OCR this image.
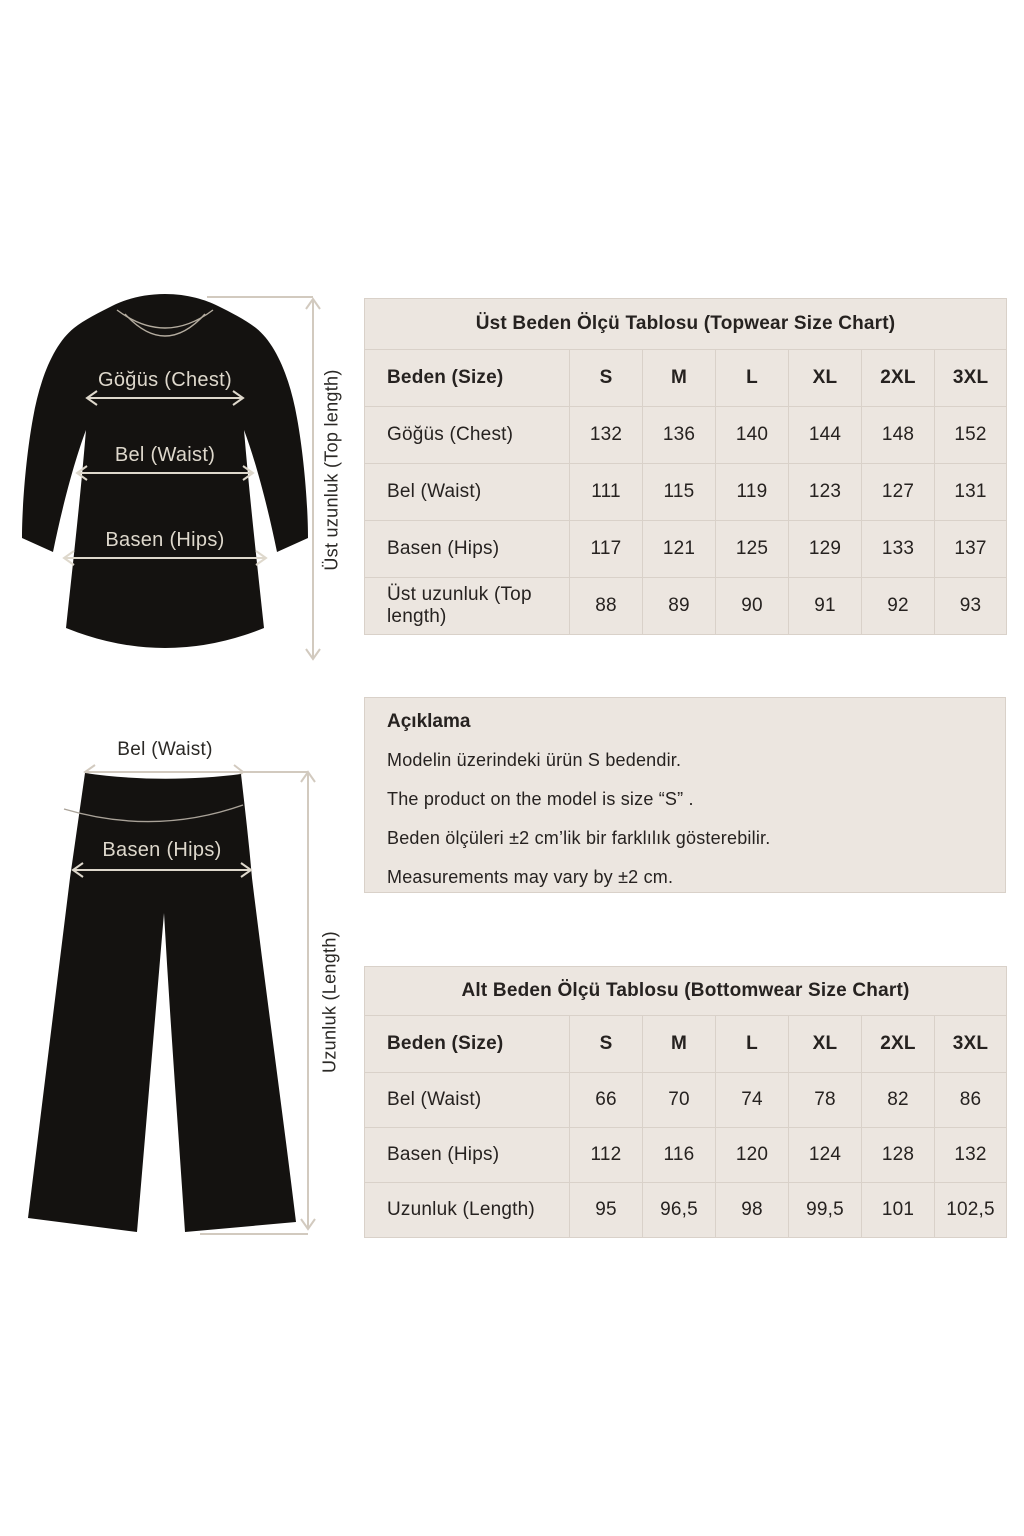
Göğüs (Chest)
Bel (Waist)
Basen (Hips)	Üst uzunluk (Top length)
Bel (Waist)
Basen (Hips)
Uzunluk (Length)
Üst Beden Ölçü Tablosu (Topwear Size Chart)						
Beden (Size)	S	M	L	XL	2XL	3XL
Göğüs (Chest)	132	136	140	144	148	152
Bel (Waist)	111	115	119	123	127	131
Basen (Hips)	117	121	125	129	133	137
Üst uzunluk (Top length)	88	89	90	91	92	93
Açıklama

Modelin üzerindeki ürün S bedendir.

The product on the model is size “S” .

Beden ölçüleri ±2 cm’lik bir farklılık gösterebilir.

Measurements may vary by ±2 cm.

Alt Beden Ölçü Tablosu (Bottomwear Size Chart)						
Beden (Size)	S	M	L	XL	2XL	3XL
Bel (Waist)	66	70	74	78	82	86
Basen (Hips)	112	116	120	124	128	132
Uzunluk (Length)	95	96,5	98	99,5	101	102,5
